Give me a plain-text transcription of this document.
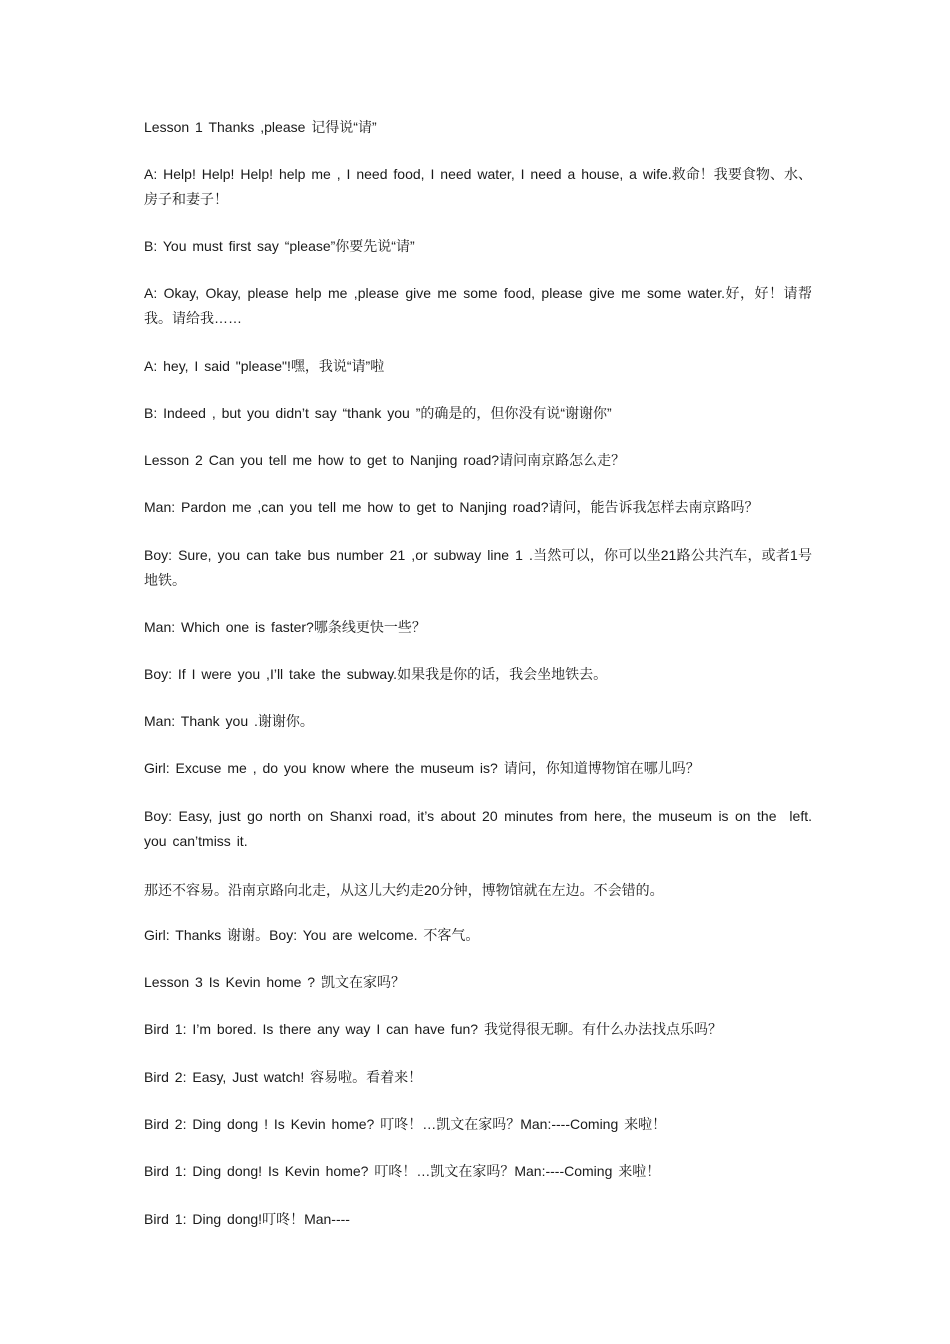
Lesson 1 Thanks ,please 记得说“请”

A: Help! Help! Help! help me , I need food, I need water, I need a house, a wife.救命！我要食物、水、房子和妻子！

B: You must first say “please”你要先说“请”

A: Okay, Okay, please help me ,please give me some food, please give me some water.好，好！请帮我。请给我……

A: hey, I said "please"!嘿，我说“请”啦

B: Indeed , but you didn’t say “thank you ”的确是的，但你没有说“谢谢你”

Lesson 2 Can you tell me how to get to Nanjing road?请问南京路怎么走？

Man: Pardon me ,can you tell me how to get to Nanjing road?请问，能告诉我怎样去南京路吗？

Boy: Sure, you can take bus number 21 ,or subway line 1 .当然可以，你可以坐21路公共汽车，或者1号地铁。

Man: Which one is faster?哪条线更快一些？

Boy: If I were you ,I’ll take the subway.如果我是你的话，我会坐地铁去。

Man: Thank you .谢谢你。

Girl: Excuse me , do you know where the museum is? 请问，你知道博物馆在哪儿吗？

Boy: Easy, just go north on Shanxi road, it’s about 20 minutes from here, the museum is on the  left. you can’tmiss it.

那还不容易。沿南京路向北走，从这儿大约走20分钟，博物馆就在左边。不会错的。

Girl: Thanks 谢谢。Boy: You are welcome. 不客气。

Lesson 3 Is Kevin home ? 凯文在家吗？

Bird 1: I’m bored. Is there any way I can have fun? 我觉得很无聊。有什么办法找点乐吗？

Bird 2: Easy, Just watch! 容易啦。看着来！

Bird 2: Ding dong ! Is Kevin home? 叮咚！…凯文在家吗？Man:----Coming 来啦！

Bird 1: Ding dong! Is Kevin home? 叮咚！…凯文在家吗？Man:----Coming 来啦！

Bird 1: Ding dong!叮咚！Man----
